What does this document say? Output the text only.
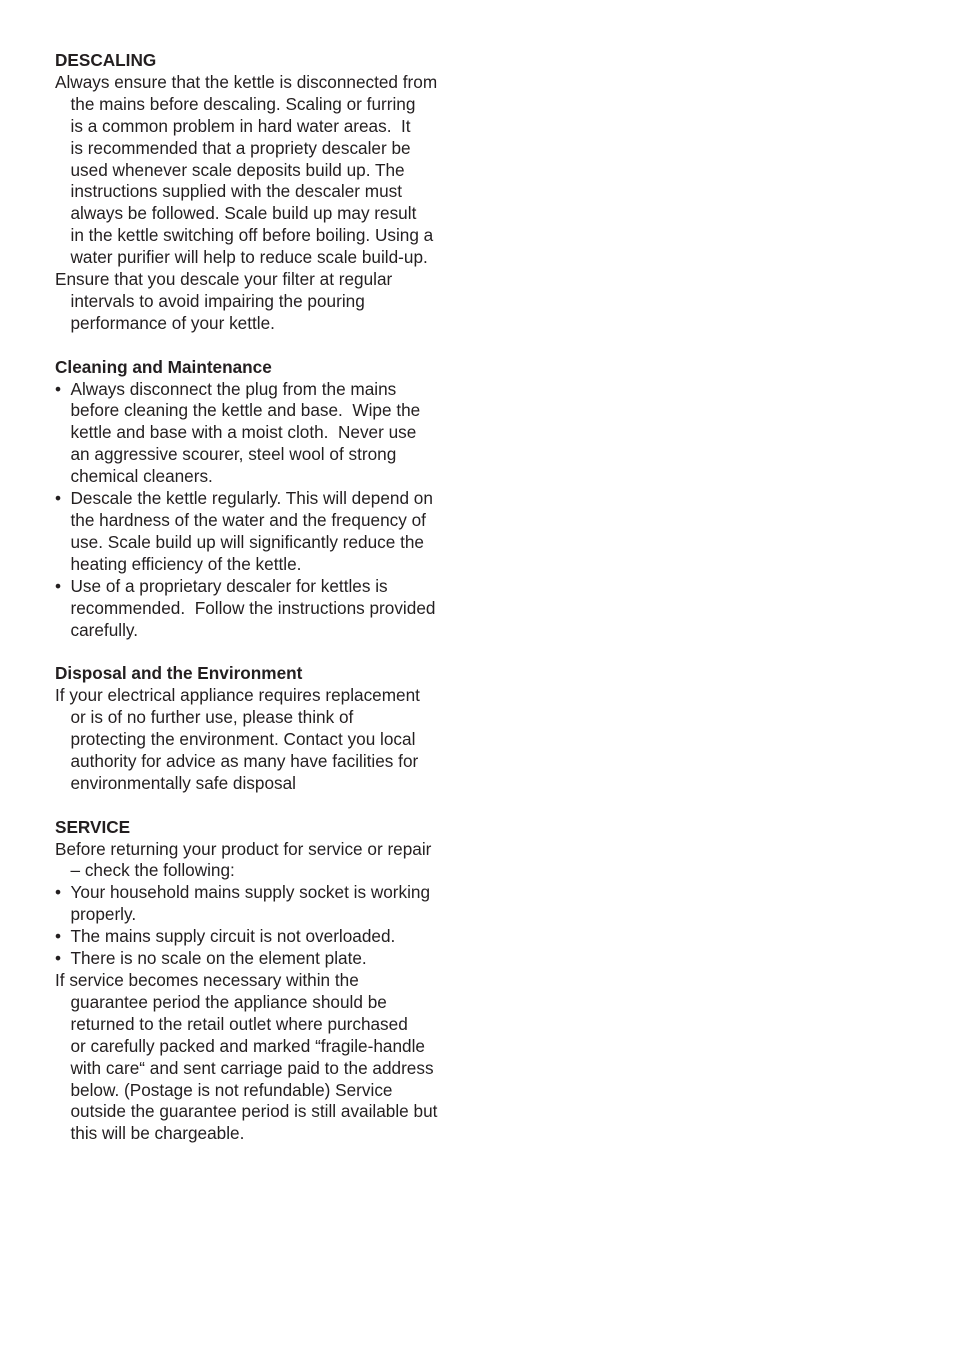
DESCALING

Always ensure that the kettle is disconnected from
the mains before descaling. Scaling or furring
is a common problem in hard water areas.  It
is recommended that a propriety descaler be
used whenever scale deposits build up. The
instructions supplied with the descaler must
always be followed. Scale build up may result
in the kettle switching off before boiling. Using a
water purifier will help to reduce scale build-up.

Ensure that you descale your filter at regular
intervals to avoid impairing the pouring
performance of your kettle.

Cleaning and Maintenance

• Always disconnect the plug from the mains
before cleaning the kettle and base.  Wipe the
kettle and base with a moist cloth.  Never use
an aggressive scourer, steel wool of strong
chemical cleaners.

• Descale the kettle regularly. This will depend on
the hardness of the water and the frequency of
use. Scale build up will significantly reduce the
heating efficiency of the kettle.

• Use of a proprietary descaler for kettles is
recommended.  Follow the instructions provided
carefully.

Disposal and the Environment

If your electrical appliance requires replacement
or is of no further use, please think of
protecting the environment. Contact you local
authority for advice as many have facilities for
environmentally safe disposal

SERVICE

Before returning your product for service or repair
– check the following:

• Your household mains supply socket is working
properly.

• The mains supply circuit is not overloaded.

• There is no scale on the element plate.

If service becomes necessary within the
guarantee period the appliance should be
returned to the retail outlet where purchased
or carefully packed and marked “fragile-handle
with care“ and sent carriage paid to the address
below. (Postage is not refundable) Service
outside the guarantee period is still available but
this will be chargeable.
